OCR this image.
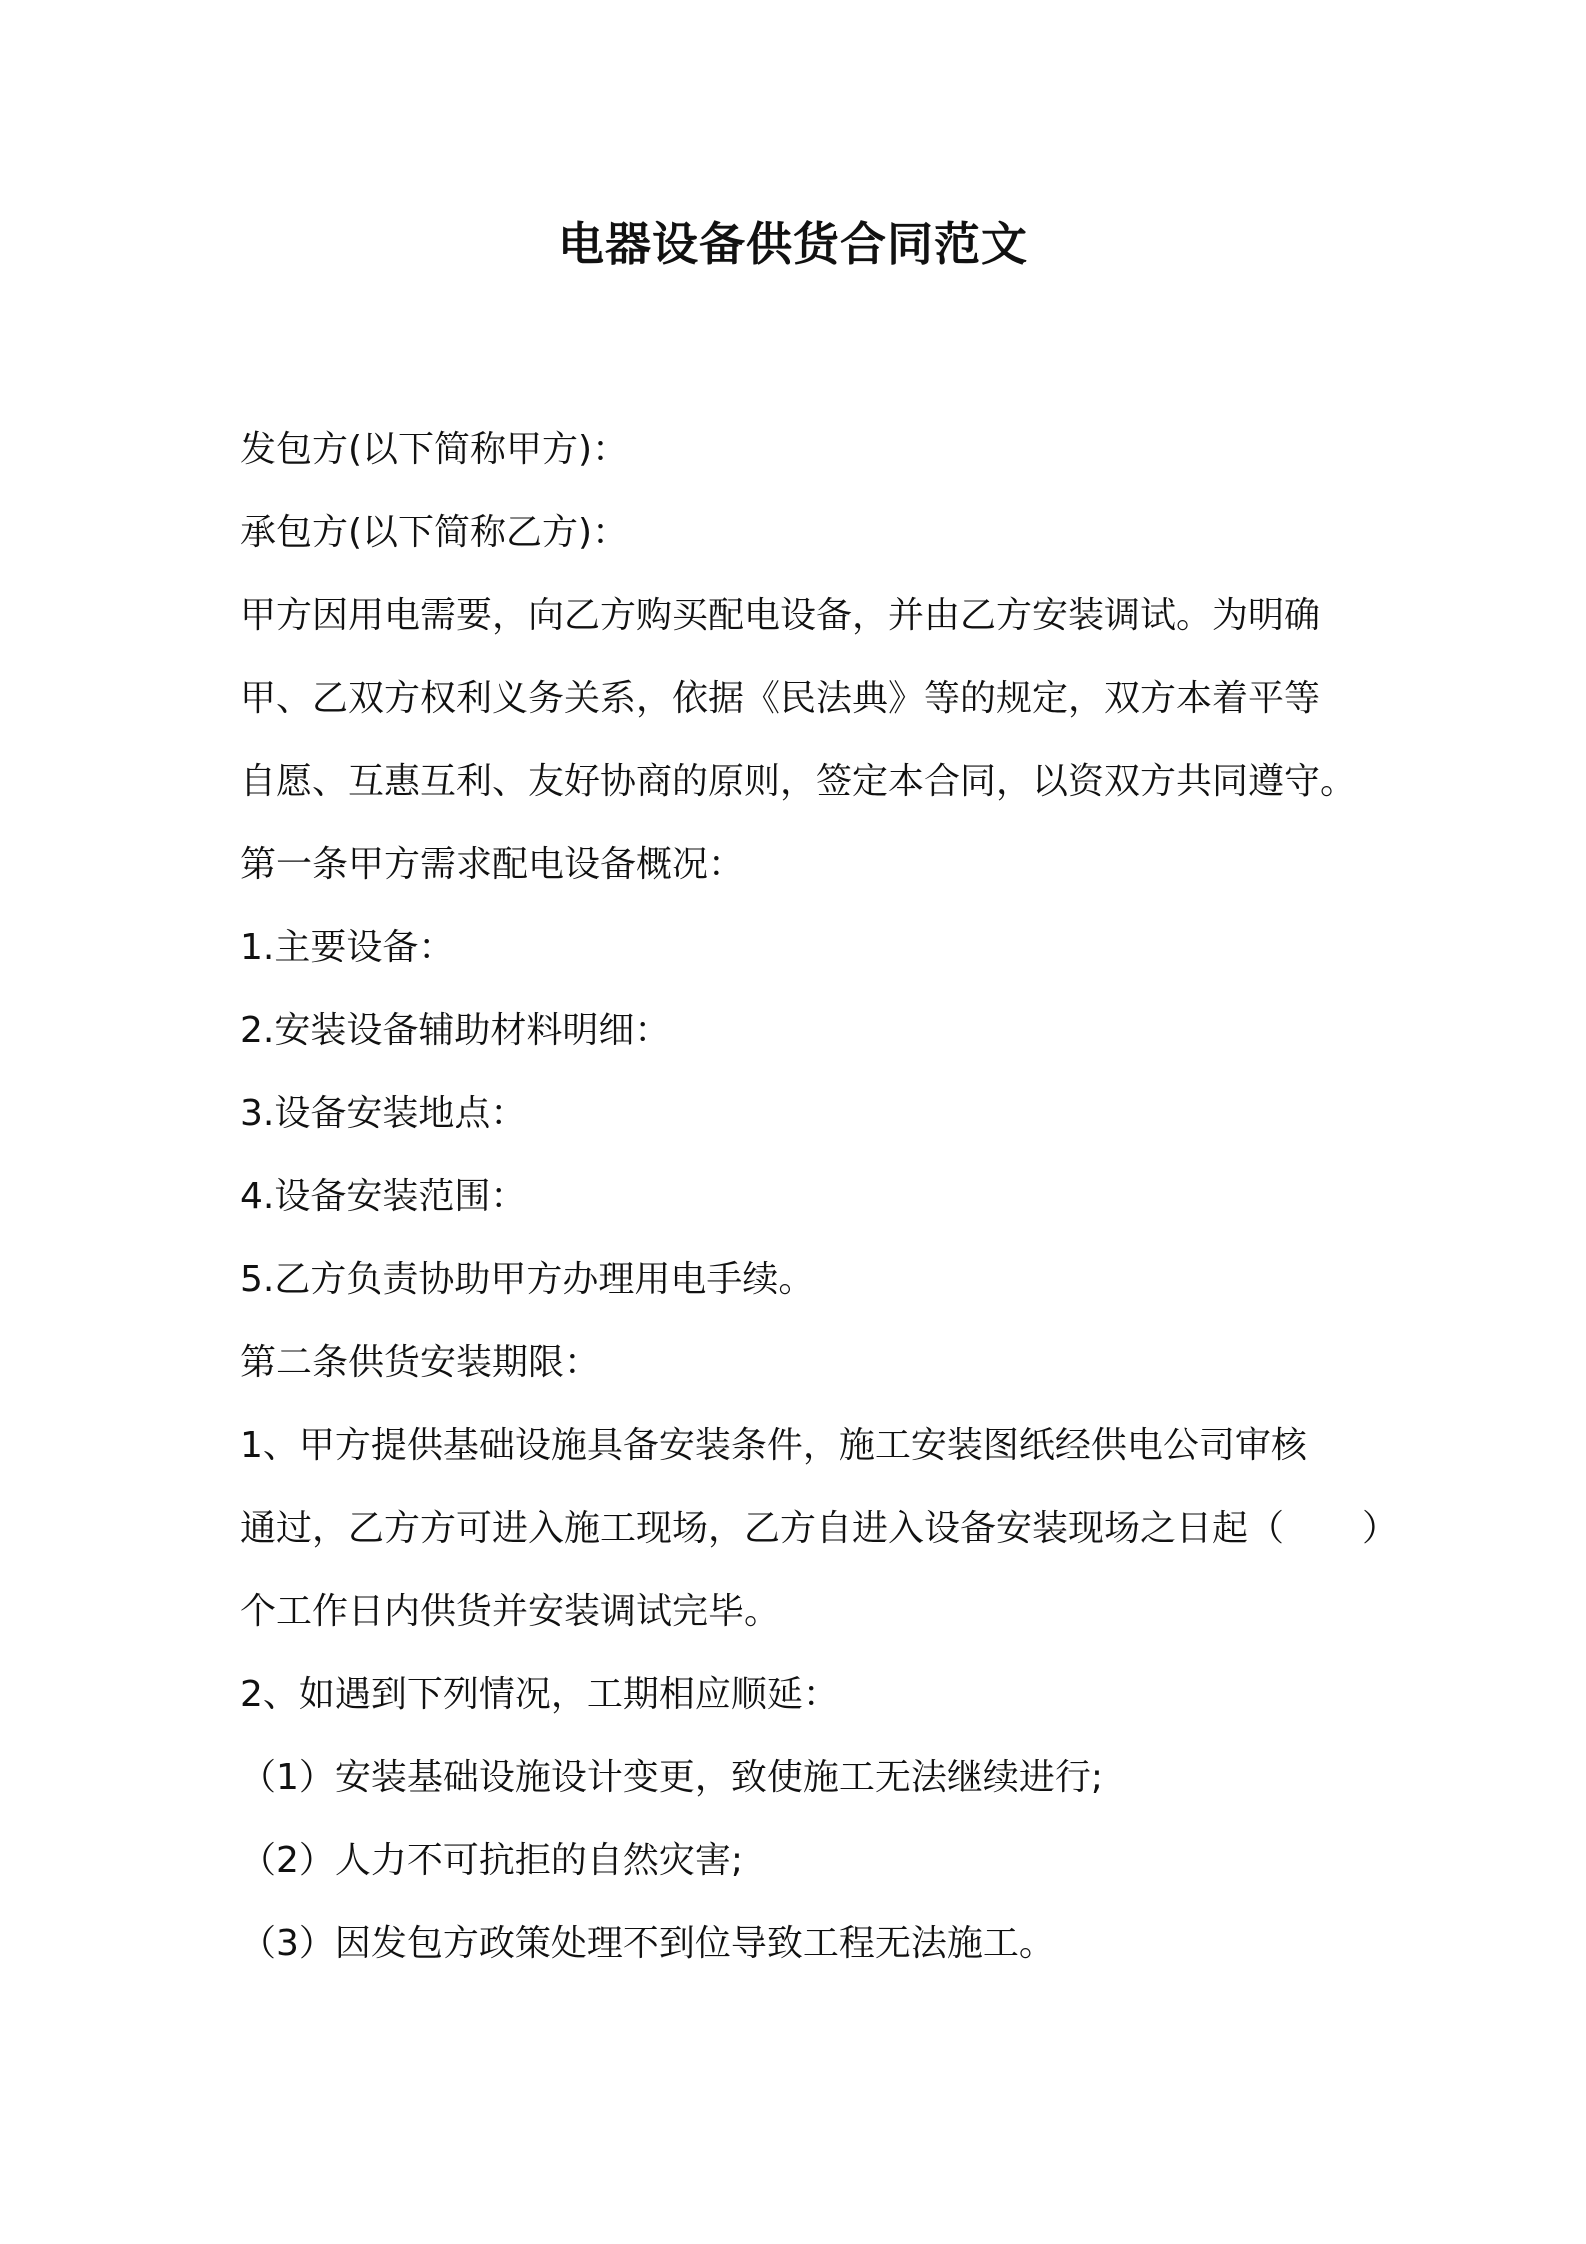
电器设备供货合同范文
发包方(以下简称甲方)：
承包方(以下简称乙方)：
甲方因用电需要，向乙方购买配电设备，并由乙方安装调试。为明确
甲、乙双方权利义务关系，依据《民法典》等的规定，双方本着平等
自愿、互惠互利、友好协商的原则，签定本合同，以资双方共同遵守。
第一条甲方需求配电设备概况：
1.主要设备：
2.安装设备辅助材料明细：
3.设备安装地点：
4.设备安装范围：
5.乙方负责协助甲方办理用电手续。
第二条供货安装期限：
1、甲方提供基础设施具备安装条件，施工安装图纸经供电公司审核
通过，乙方方可进入施工现场，乙方自进入设备安装现场之日起（ ）
个工作日内供货并安装调试完毕。
2、如遇到下列情况，工期相应顺延：
（1）安装基础设施设计变更，致使施工无法继续进行;
（2）人力不可抗拒的自然灾害;
（3）因发包方政策处理不到位导致工程无法施工。
